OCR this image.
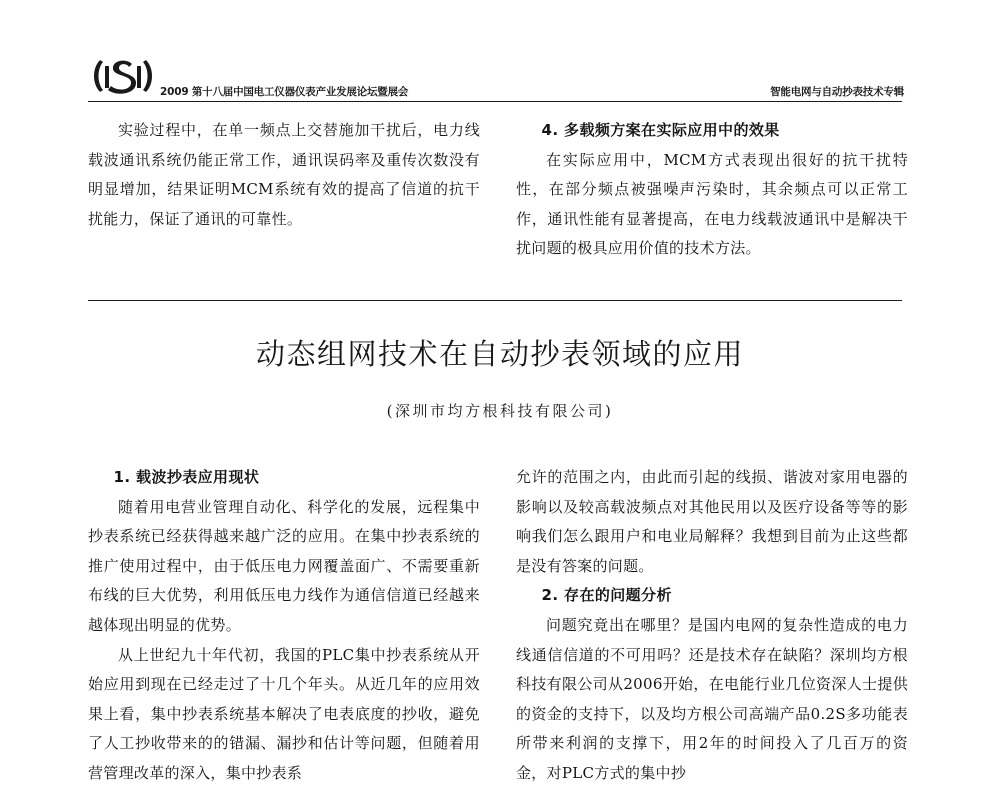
2009 第十八届中国电工仪器仪表产业发展论坛暨展会	智能电网与自动抄表技术专辑

实验过程中，在单一频点上交替施加干扰后，电力线载波通讯系统仍能正常工作，通讯误码率及重传次数没有明显增加，结果证明MCM系统有效的提高了信道的抗干扰能力，保证了通讯的可靠性。

4. 多载频方案在实际应用中的效果

在实际应用中，MCM方式表现出很好的抗干扰特性，在部分频点被强噪声污染时，其余频点可以正常工作，通讯性能有显著提高，在电力线载波通讯中是解决干扰问题的极具应用价值的技术方法。

动态组网技术在自动抄表领域的应用
(深圳市均方根科技有限公司)
1. 载波抄表应用现状

随着用电营业管理自动化、科学化的发展，远程集中抄表系统已经获得越来越广泛的应用。在集中抄表系统的推广使用过程中，由于低压电力网覆盖面广、不需要重新布线的巨大优势，利用低压电力线作为通信信道已经越来越体现出明显的优势。

从上世纪九十年代初，我国的PLC集中抄表系统从开始应用到现在已经走过了十几个年头。从近几年的应用效果上看，集中抄表系统基本解决了电表底度的抄收，避免了人工抄收带来的的错漏、漏抄和估计等问题，但随着用营管理改革的深入，集中抄表系

允许的范围之内，由此而引起的线损、谐波对家用电器的影响以及较高载波频点对其他民用以及医疗设备等等的影响我们怎么跟用户和电业局解释？我想到目前为止这些都是没有答案的问题。

2. 存在的问题分析

问题究竟出在哪里？是国内电网的复杂性造成的电力线通信信道的不可用吗？还是技术存在缺陷？深圳均方根科技有限公司从2006开始，在电能行业几位资深人士提供的资金的支持下，以及均方根公司高端产品0.2S多功能表所带来利润的支撑下，用2年的时间投入了几百万的资金，对PLC方式的集中抄
